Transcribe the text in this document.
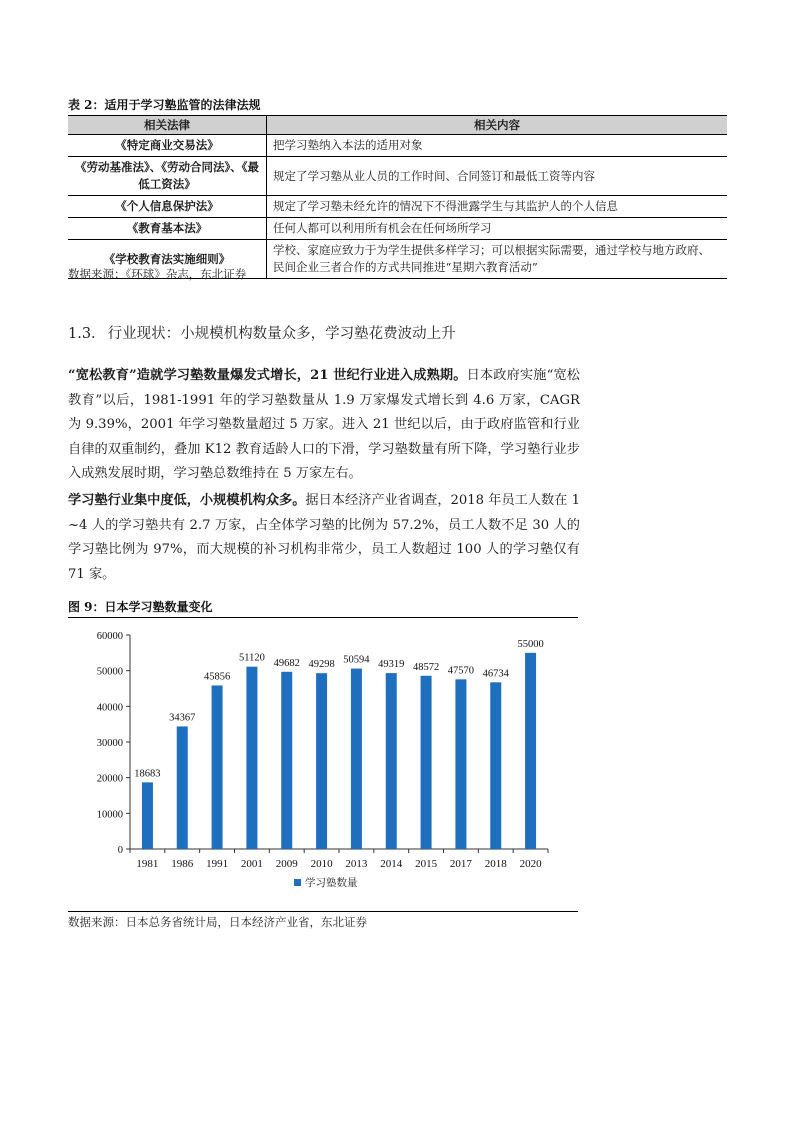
表 2：适用于学习塾监管的法律法规
相关法律	相关内容
《特定商业交易法》	把学习塾纳入本法的适用对象
《劳动基准法》、《劳动合同法》、《最低工资法》	规定了学习塾从业人员的工作时间、合同签订和最低工资等内容
《个人信息保护法》	规定了学习塾未经允许的情况下不得泄露学生与其监护人的个人信息
《教育基本法》	任何人都可以利用所有机会在任何场所学习
《学校教育法实施细则》	学校、家庭应致力于为学生提供多样学习；可以根据实际需要，通过学校与地方政府、民间企业三者合作的方式共同推进“星期六教育活动”
数据来源：《环球》杂志，东北证券
1.3. 行业现状：小规模机构数量众多，学习塾花费波动上升
“宽松教育”造就学习塾数量爆发式增长，21 世纪行业进入成熟期。日本政府实施“宽松教育”以后，1981-1991 年的学习塾数量从 1.9 万家爆发式增长到 4.6 万家，CAGR 为 9.39%，2001 年学习塾数量超过 5 万家。进入 21 世纪以后，由于政府监管和行业自律的双重制约，叠加 K12 教育适龄人口的下滑，学习塾数量有所下降，学习塾行业步入成熟发展时期，学习塾总数维持在 5 万家左右。
学习塾行业集中度低，小规模机构众多。据日本经济产业省调查，2018 年员工人数在 1~4 人的学习塾共有 2.7 万家，占全体学习塾的比例为 57.2%，员工人数不足 30 人的学习塾比例为 97%，而大规模的补习机构非常少，员工人数超过 100 人的学习塾仅有 71 家。
图 9：日本学习塾数量变化
0
10000
20000
30000
40000
50000
60000
18683
1981
34367
1986
45856
1991
51120
2001
49682
2009
49298
2010
50594
2013
49319
2014
48572
2015
47570
2017
46734
2018
55000
2020
学习塾数量
数据来源：日本总务省统计局，日本经济产业省，东北证券
